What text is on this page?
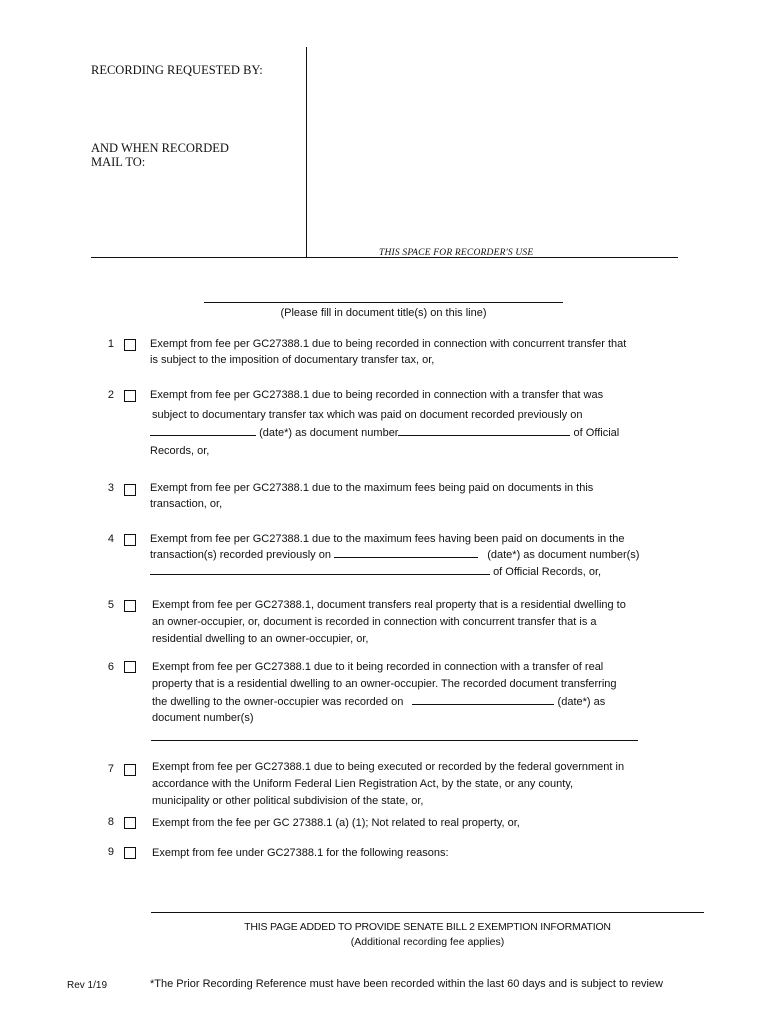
RECORDING REQUESTED BY:
AND WHEN RECORDED
MAIL TO:
THIS SPACE FOR RECORDER'S USE
(Please fill in document title(s) on this line)
1	Exempt from fee per GC27388.1 due to being recorded in connection with concurrent transfer that
is subject to the imposition of documentary transfer tax, or,
2	Exempt from fee per GC27388.1 due to being recorded in connection with a transfer that was
subject to documentary transfer tax which was paid on document recorded previously on
(date*) as document number	of Official
Records, or,
3	Exempt from fee per GC27388.1 due to the maximum fees being paid on documents in this
transaction, or,
4	Exempt from fee per GC27388.1 due to the maximum fees having been paid on documents in the
transaction(s) recorded previously on	(date*) as document number(s)
of Official Records, or,
5	Exempt from fee per GC27388.1, document transfers real property that is a residential dwelling to
an owner-occupier, or, document is recorded in connection with concurrent transfer that is a
residential dwelling to an owner-occupier, or,
6	Exempt from fee per GC27388.1 due to it being recorded in connection with a transfer of real
property that is a residential dwelling to an owner-occupier. The recorded document transferring
the dwelling to the owner-occupier was recorded on	(date*) as
document number(s)
7	Exempt from fee per GC27388.1 due to being executed or recorded by the federal government in
accordance with the Uniform Federal Lien Registration Act, by the state, or any county,
municipality or other political subdivision of the state, or,
8	Exempt from the fee per GC 27388.1 (a) (1); Not related to real property, or,
9	Exempt from fee under GC27388.1 for the following reasons:
THIS PAGE ADDED TO PROVIDE SENATE BILL 2 EXEMPTION INFORMATION
(Additional recording fee applies)
Rev 1/19	*The Prior Recording Reference must have been recorded within the last 60 days and is subject to review
